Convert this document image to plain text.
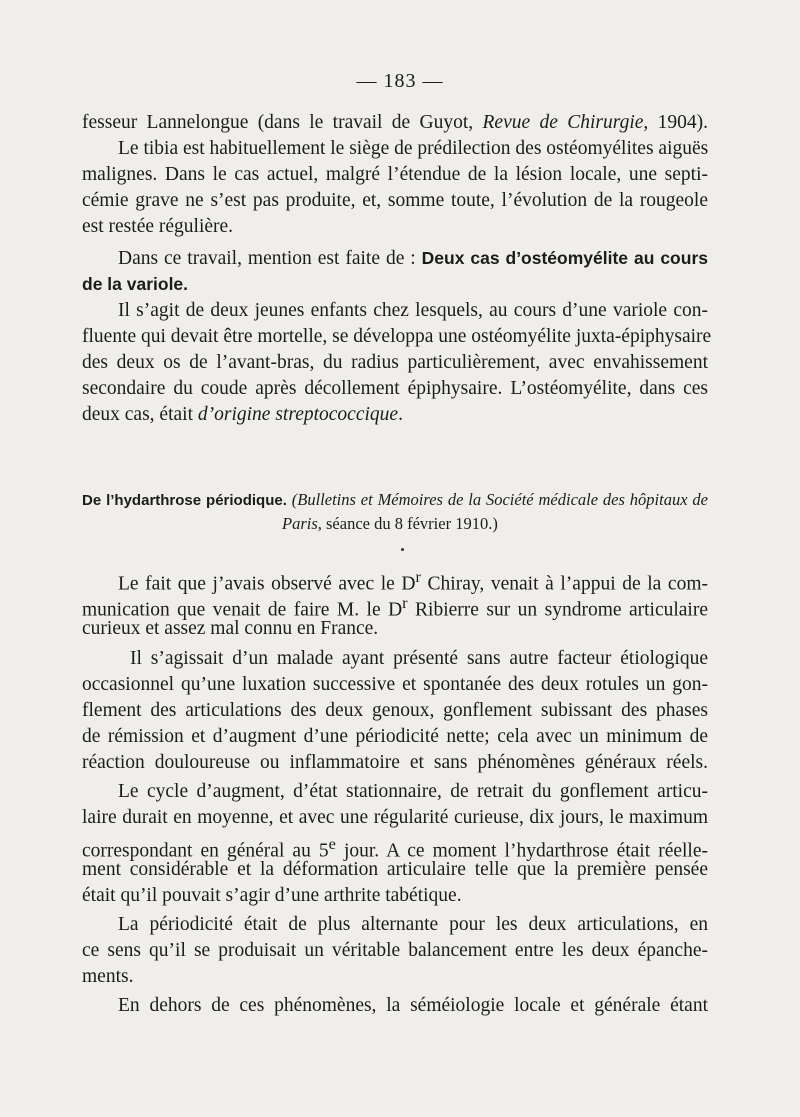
— 183 —
fesseur Lannelongue (dans le travail de Guyot, Revue de Chirurgie, 1904).
Le tibia est habituellement le siège de prédilection des ostéomyélites aiguës
malignes. Dans le cas actuel, malgré l’étendue de la lésion locale, une septi-
cémie grave ne s’est pas produite, et, somme toute, l’évolution de la rougeole
est restée régulière.
Dans ce travail, mention est faite de : Deux cas d’ostéomyélite au cours
de la variole.
Il s’agit de deux jeunes enfants chez lesquels, au cours d’une variole con-
fluente qui devait être mortelle, se développa une ostéomyélite juxta-épiphysaire
des deux os de l’avant-bras, du radius particulièrement, avec envahissement
secondaire du coude après décollement épiphysaire. L’ostéomyélite, dans ces
deux cas, était d’origine streptococcique.
De l’hydarthrose périodique. (Bulletins et Mémoires de la Société médicale des hôpitaux de
Paris, séance du 8 février 1910.)
Le fait que j’avais observé avec le $D^r$ Chiray, venait à l’appui de la com-
munication que venait de faire M. le $D^r$ Ribierre sur un syndrome articulaire
curieux et assez mal connu en France.
Il s’agissait d’un malade ayant présenté sans autre facteur étiologique
occasionnel qu’une luxation successive et spontanée des deux rotules un gon-
flement des articulations des deux genoux, gonflement subissant des phases
de rémission et d’augment d’une périodicité nette; cela avec un minimum de
réaction douloureuse ou inflammatoire et sans phénomènes généraux réels.
Le cycle d’augment, d’état stationnaire, de retrait du gonflement articu-
laire durait en moyenne, et avec une régularité curieuse, dix jours, le maximum
correspondant en général au 5e jour. A ce moment l’hydarthrose était réelle-
ment considérable et la déformation articulaire telle que la première pensée
était qu’il pouvait s’agir d’une arthrite tabétique.
La périodicité était de plus alternante pour les deux articulations, en
ce sens qu’il se produisait un véritable balancement entre les deux épanche-
ments.
En dehors de ces phénomènes, la séméiologie locale et générale étant
